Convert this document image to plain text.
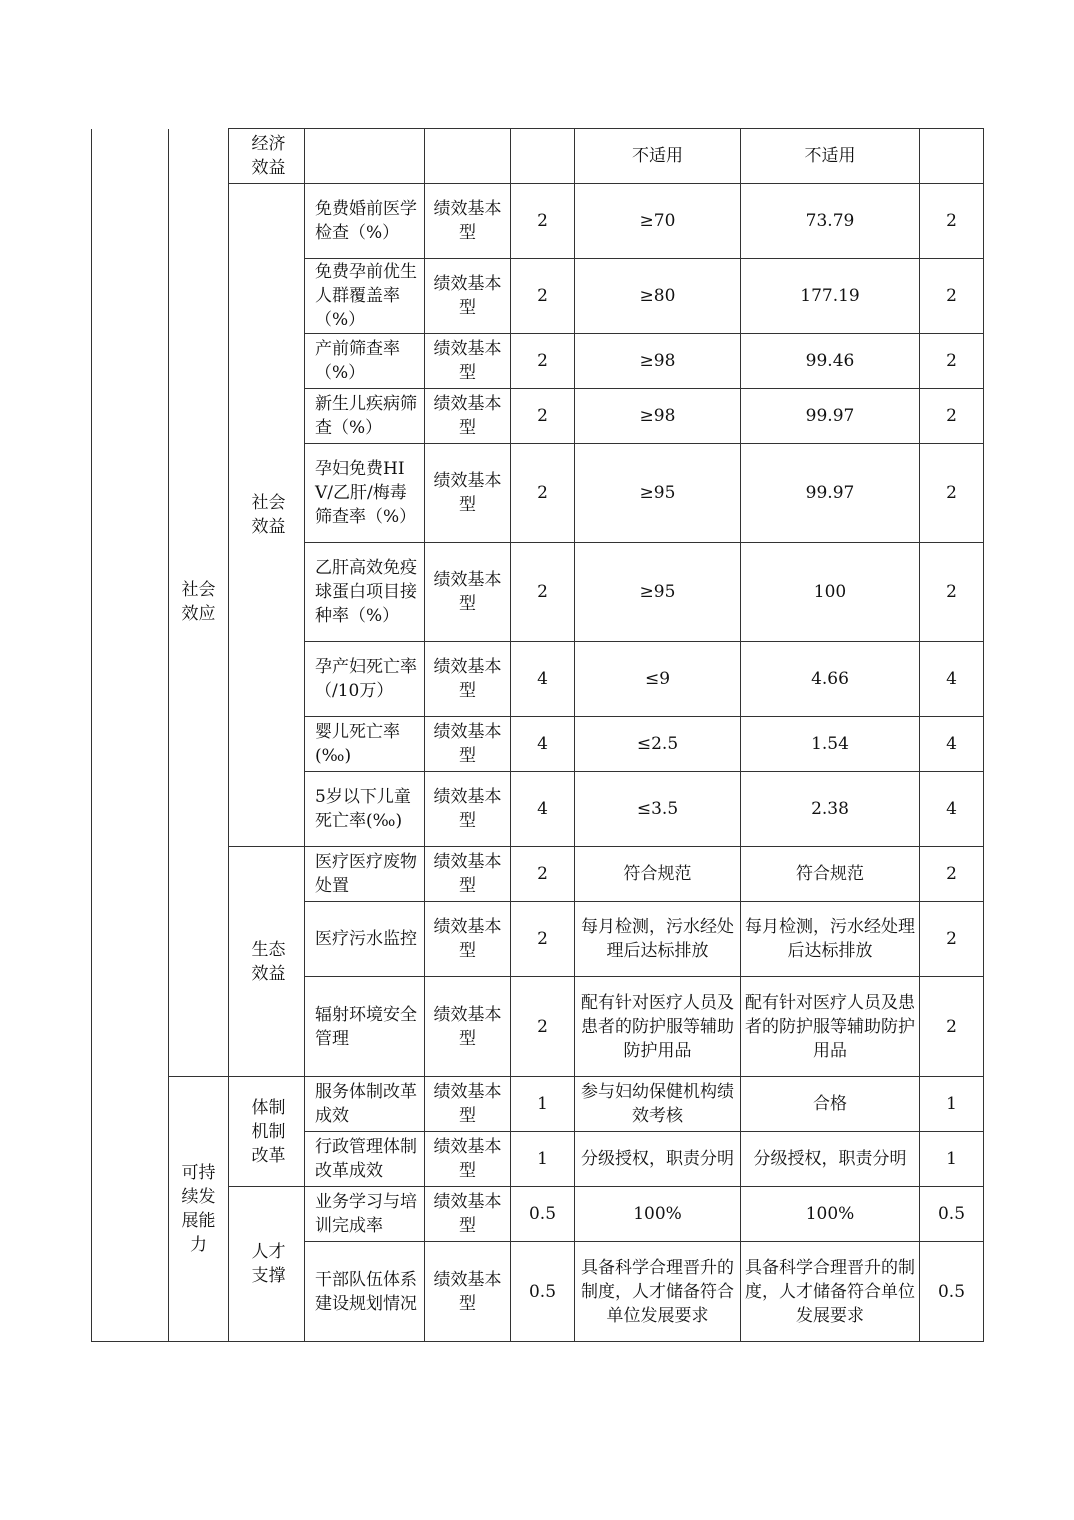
	社会效应	经济效益				不适用	不适用	
		社会效益	免费婚前医学检查（%）	绩效基本型	2	≥70	73.79	2
			免费孕前优生人群覆盖率（%）	绩效基本型	2	≥80	177.19	2
			产前筛查率（%）	绩效基本型	2	≥98	99.46	2
			新生儿疾病筛查（%）	绩效基本型	2	≥98	99.97	2
			孕妇免费HIV/乙肝/梅毒筛查率（%）	绩效基本型	2	≥95	99.97	2
			乙肝高效免疫球蛋白项目接种率（%）	绩效基本型	2	≥95	100	2
			孕产妇死亡率（/10万）	绩效基本型	4	≤9	4.66	4
			婴儿死亡率(‰)	绩效基本型	4	≤2.5	1.54	4
			5岁以下儿童死亡率(‰)	绩效基本型	4	≤3.5	2.38	4
		生态效益	医疗医疗废物处置	绩效基本型	2	符合规范	符合规范	2
			医疗污水监控	绩效基本型	2	每月检测，污水经处理后达标排放	每月检测，污水经处理后达标排放	2
			辐射环境安全管理	绩效基本型	2	配有针对医疗人员及患者的防护服等辅助防护用品	配有针对医疗人员及患者的防护服等辅助防护用品	2
	可持续发展能力	体制机制改革	服务体制改革成效	绩效基本型	1	参与妇幼保健机构绩效考核	合格	1
			行政管理体制改革成效	绩效基本型	1	分级授权，职责分明	分级授权，职责分明	1
		人才支撑	业务学习与培训完成率	绩效基本型	0.5	100%	100%	0.5
			干部队伍体系建设规划情况	绩效基本型	0.5	具备科学合理晋升的制度，人才储备符合单位发展要求	具备科学合理晋升的制度，人才储备符合单位发展要求	0.5
